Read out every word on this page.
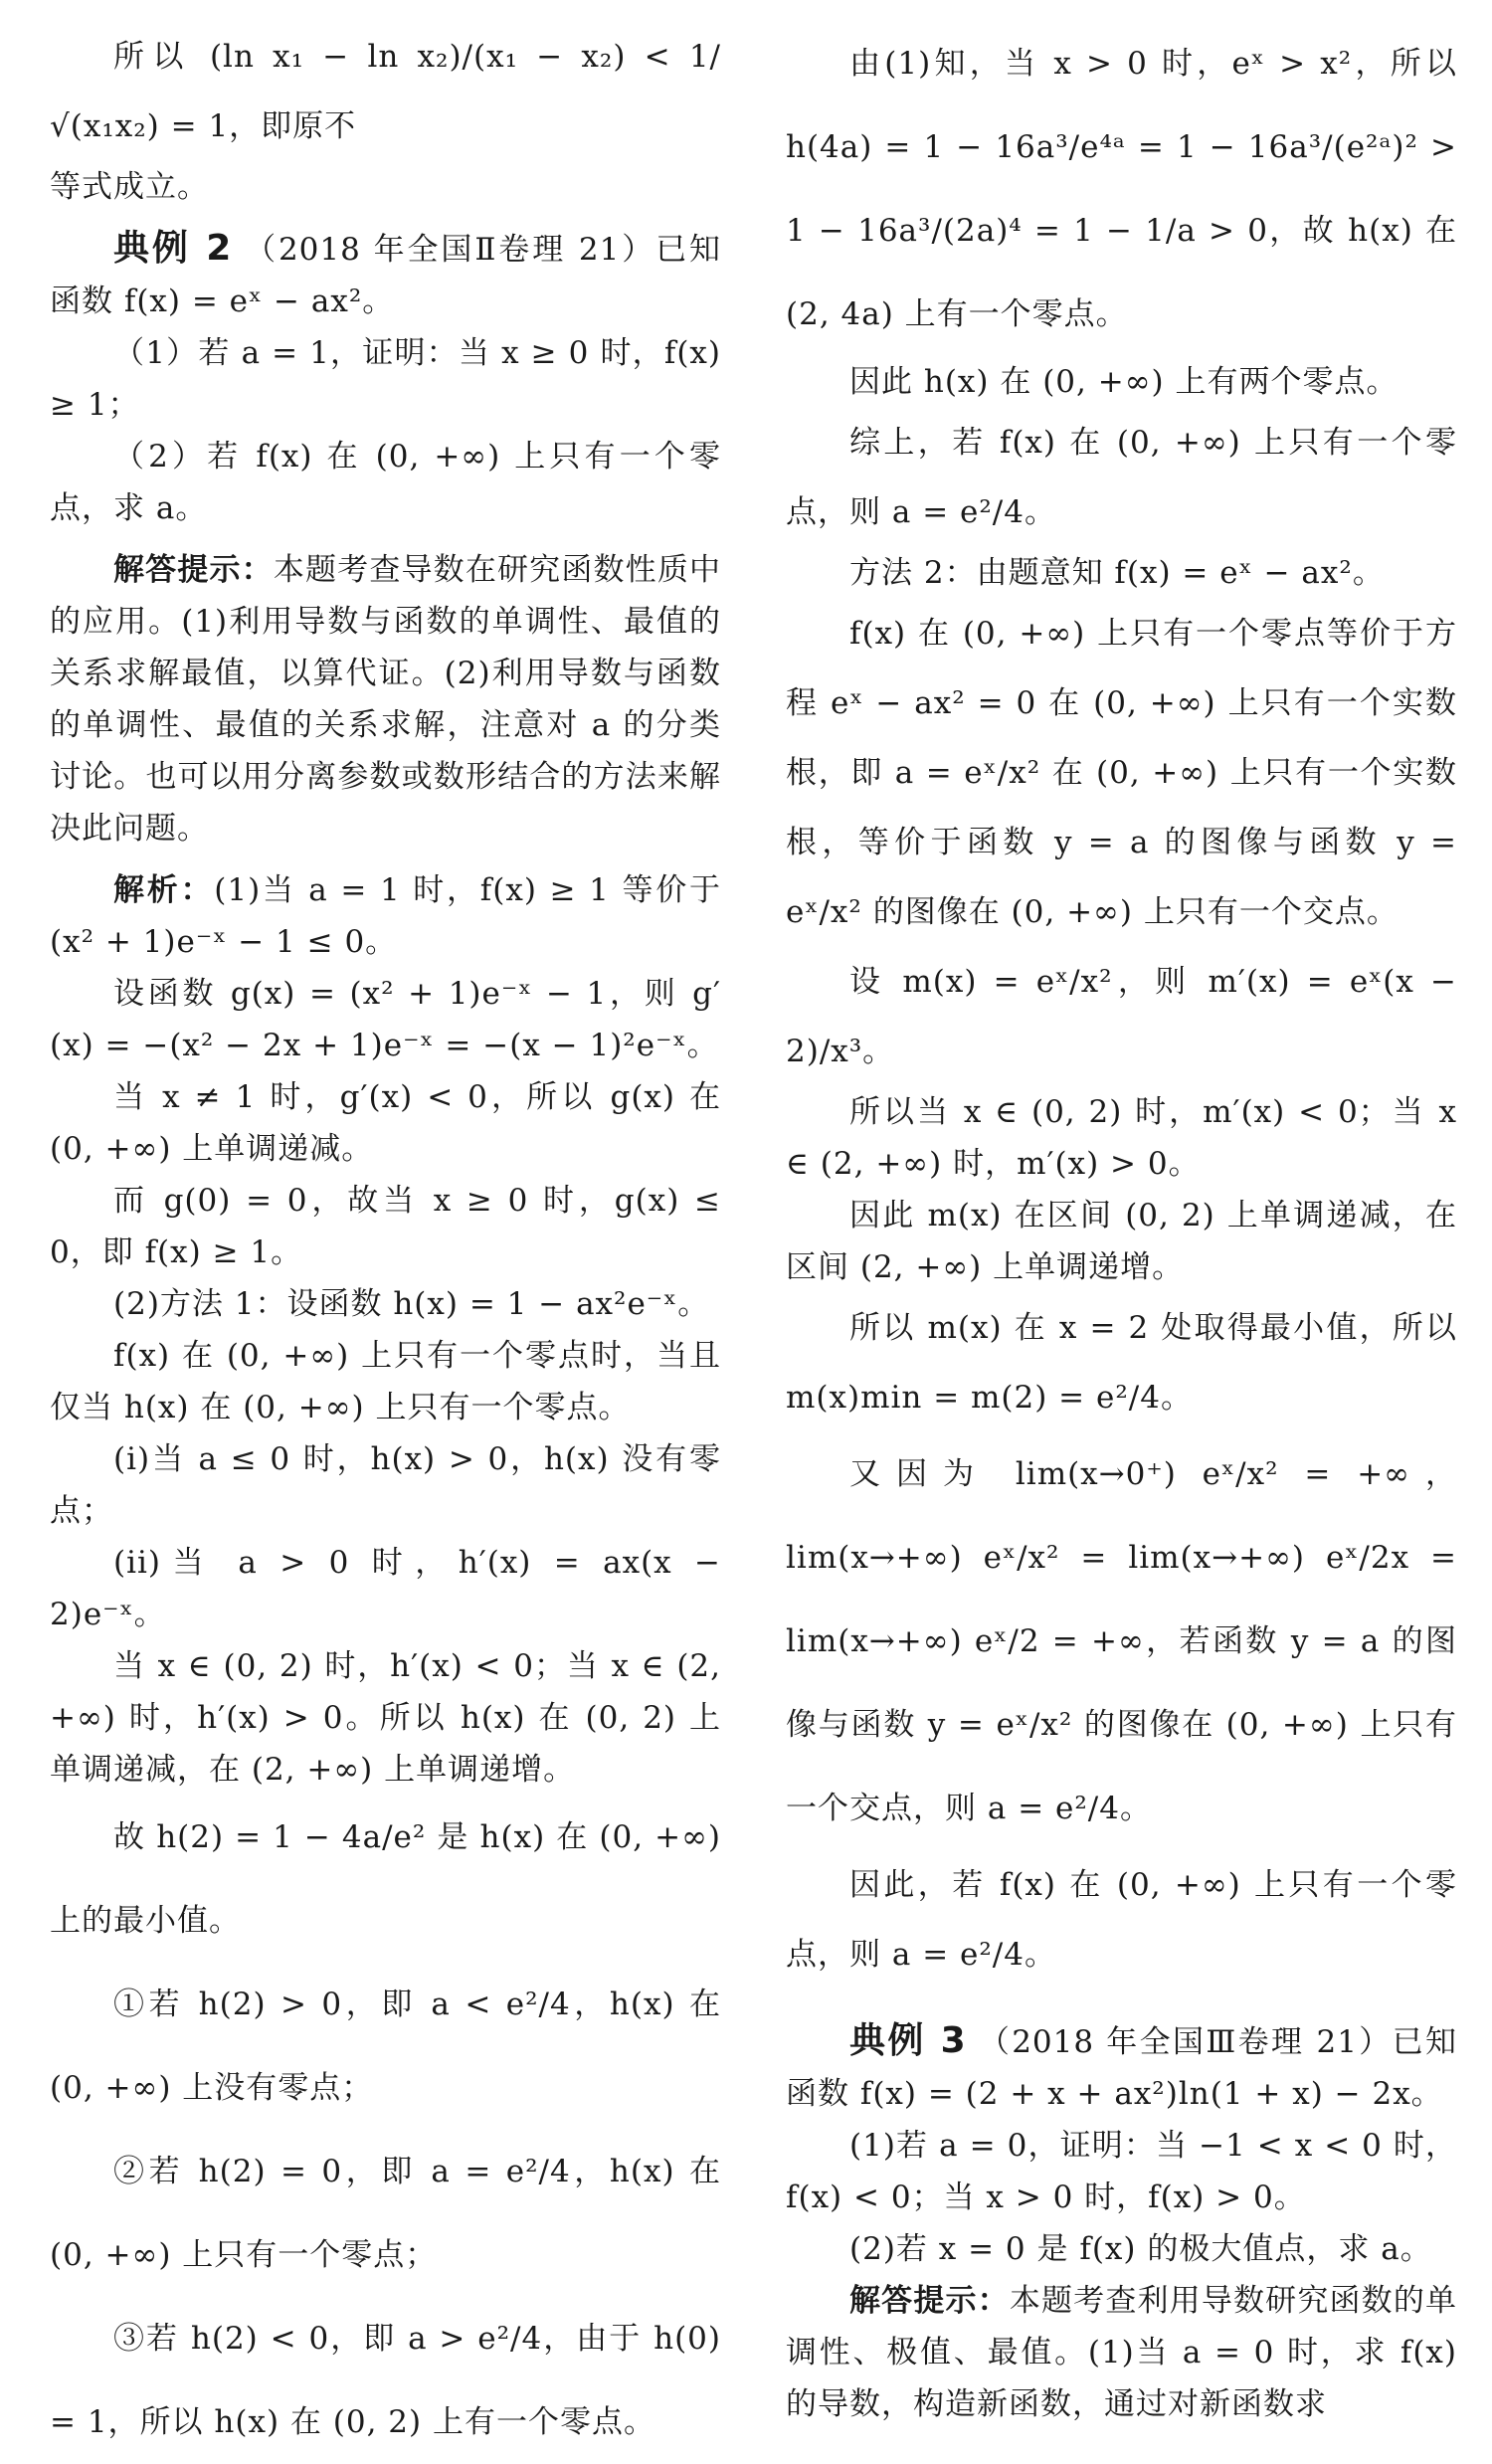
所以 (ln x₁ − ln x₂)/(x₁ − x₂) < 1/√(x₁x₂) = 1，即原不

等式成立。

典例 2 （2018 年全国Ⅱ卷理 21）已知函数 f(x) = eˣ − ax²。

（1）若 a = 1，证明：当 x ≥ 0 时，f(x) ≥ 1；

（2）若 f(x) 在 (0, +∞) 上只有一个零点，求 a。

解答提示：本题考查导数在研究函数性质中的应用。(1)利用导数与函数的单调性、最值的关系求解最值，以算代证。(2)利用导数与函数的单调性、最值的关系求解，注意对 a 的分类讨论。也可以用分离参数或数形结合的方法来解决此问题。

解析：(1)当 a = 1 时，f(x) ≥ 1 等价于 (x² + 1)e⁻ˣ − 1 ≤ 0。

设函数 g(x) = (x² + 1)e⁻ˣ − 1，则 g′(x) = −(x² − 2x + 1)e⁻ˣ = −(x − 1)²e⁻ˣ。

当 x ≠ 1 时，g′(x) < 0，所以 g(x) 在 (0, +∞) 上单调递减。

而 g(0) = 0，故当 x ≥ 0 时，g(x) ≤ 0，即 f(x) ≥ 1。

(2)方法 1：设函数 h(x) = 1 − ax²e⁻ˣ。

f(x) 在 (0, +∞) 上只有一个零点时，当且仅当 h(x) 在 (0, +∞) 上只有一个零点。

(i)当 a ≤ 0 时，h(x) > 0，h(x) 没有零点；

(ii)当 a > 0 时，h′(x) = ax(x − 2)e⁻ˣ。

当 x ∈ (0, 2) 时，h′(x) < 0；当 x ∈ (2, +∞) 时，h′(x) > 0。所以 h(x) 在 (0, 2) 上单调递减，在 (2, +∞) 上单调递增。

故 h(2) = 1 − 4a/e² 是 h(x) 在 (0, +∞) 上的最小值。

①若 h(2) > 0，即 a < e²/4，h(x) 在 (0, +∞) 上没有零点；

②若 h(2) = 0，即 a = e²/4，h(x) 在 (0, +∞) 上只有一个零点；

③若 h(2) < 0，即 a > e²/4，由于 h(0) = 1，所以 h(x) 在 (0, 2) 上有一个零点。

由(1)知，当 x > 0 时，eˣ > x²，所以 h(4a) = 1 − 16a³/e⁴ᵃ = 1 − 16a³/(e²ᵃ)² > 1 − 16a³/(2a)⁴ = 1 − 1/a > 0，故 h(x) 在 (2, 4a) 上有一个零点。

因此 h(x) 在 (0, +∞) 上有两个零点。

综上，若 f(x) 在 (0, +∞) 上只有一个零点，则 a = e²/4。

方法 2：由题意知 f(x) = eˣ − ax²。

f(x) 在 (0, +∞) 上只有一个零点等价于方程 eˣ − ax² = 0 在 (0, +∞) 上只有一个实数根，即 a = eˣ/x² 在 (0, +∞) 上只有一个实数根，等价于函数 y = a 的图像与函数 y = eˣ/x² 的图像在 (0, +∞) 上只有一个交点。

设 m(x) = eˣ/x²，则 m′(x) = eˣ(x − 2)/x³。

所以当 x ∈ (0, 2) 时，m′(x) < 0；当 x ∈ (2, +∞) 时，m′(x) > 0。

因此 m(x) 在区间 (0, 2) 上单调递减，在区间 (2, +∞) 上单调递增。

所以 m(x) 在 x = 2 处取得最小值，所以 m(x)min = m(2) = e²/4。

又因为 lim(x→0⁺) eˣ/x² = +∞，lim(x→+∞) eˣ/x² = lim(x→+∞) eˣ/2x = lim(x→+∞) eˣ/2 = +∞，若函数 y = a 的图像与函数 y = eˣ/x² 的图像在 (0, +∞) 上只有一个交点，则 a = e²/4。

因此，若 f(x) 在 (0, +∞) 上只有一个零点，则 a = e²/4。

典例 3 （2018 年全国Ⅲ卷理 21）已知函数 f(x) = (2 + x + ax²)ln(1 + x) − 2x。

(1)若 a = 0，证明：当 −1 < x < 0 时，f(x) < 0；当 x > 0 时，f(x) > 0。

(2)若 x = 0 是 f(x) 的极大值点，求 a。

解答提示：本题考查利用导数研究函数的单调性、极值、最值。(1)当 a = 0 时，求 f(x) 的导数，构造新函数，通过对新函数求
